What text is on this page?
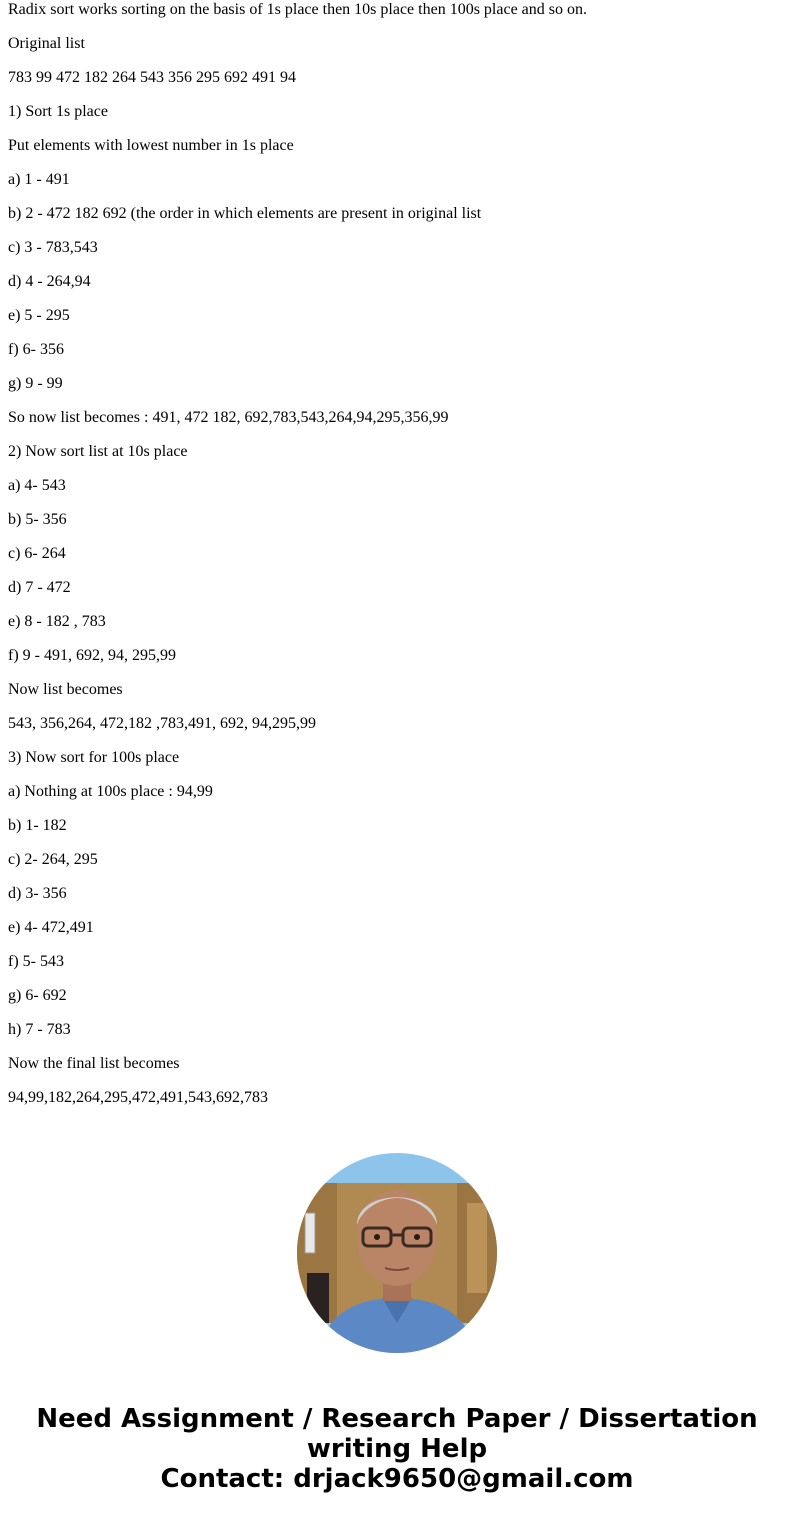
Radix sort works sorting on the basis of 1s place then 10s place then 100s place and so on.

Original list

783 99 472 182 264 543 356 295 692 491 94

1) Sort 1s place

Put elements with lowest number in 1s place

a) 1 - 491

b) 2 - 472 182 692 (the order in which elements are present in original list

c) 3 - 783,543

d) 4 - 264,94

e) 5 - 295

f) 6- 356

g) 9 - 99

So now list becomes : 491, 472 182, 692,783,543,264,94,295,356,99

2) Now sort list at 10s place

a) 4- 543

b) 5- 356

c) 6- 264

d) 7 - 472

e) 8 - 182 , 783

f) 9 - 491, 692, 94, 295,99

Now list becomes

543, 356,264, 472,182 ,783,491, 692, 94,295,99

3) Now sort for 100s place

a) Nothing at 100s place : 94,99

b) 1- 182

c) 2- 264, 295

d) 3- 356

e) 4- 472,491

f) 5- 543

g) 6- 692

h) 7 - 783

Now the final list becomes

94,99,182,264,295,472,491,543,692,783

Need Assignment / Research Paper / Dissertation
writing Help
Contact: drjack9650@gmail.com
